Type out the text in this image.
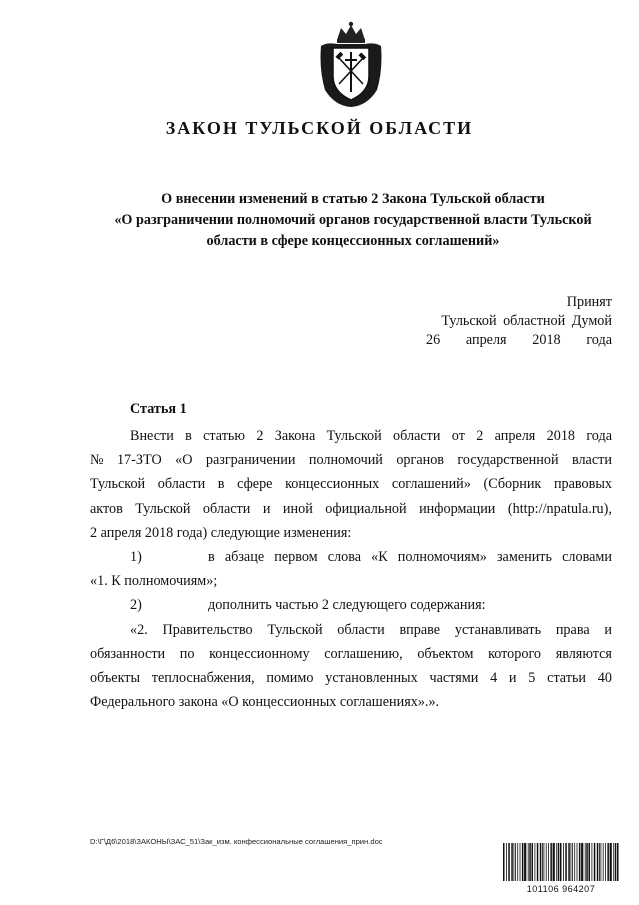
ЗАКОН ТУЛЬСКОЙ ОБЛАСТИ
О внесении изменений в статью 2 Закона Тульской области
«О разграничении полномочий органов государственной власти Тульской
области в сфере концессионных соглашений»
Принят
Тульской областной Думой
26 апреля 2018 года
Статья 1
Внести в статью 2 Закона Тульской области от 2 апреля 2018 года
№ 17-ЗТО «О разграничении полномочий органов государственной власти
Тульской области в сфере концессионных соглашений» (Сборник правовых
актов Тульской области и иной официальной информации (http://npatula.ru),
2 апреля 2018 года) следующие изменения:
1)	в абзаце первом слова «К полномочиям» заменить словами
«1. К полномочиям»;
2)	дополнить частью 2 следующего содержания:
«2. Правительство Тульской области вправе устанавливать права и
обязанности по концессионному соглашению, объектом которого являются
объекты теплоснабжения, помимо установленных частями 4 и 5 статьи 40
Федерального закона «О концессионных соглашениях».».
D:\Г\Д6\2018\ЗАКОНЫ\ЗАС_51\Зак_изм. конфессиональные соглашения_прин.doc
101106 964207
